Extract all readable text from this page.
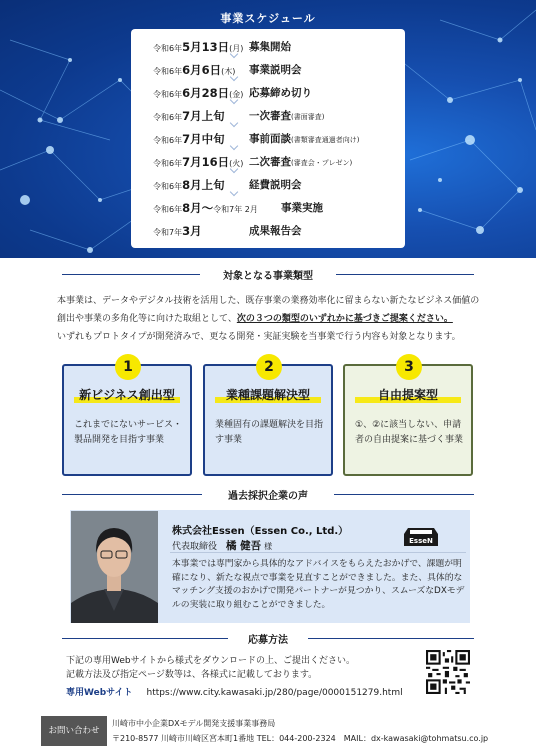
事業スケジュール
令和6年5月13日(月) 募集開始
令和6年6月6日(木) 事業説明会
令和6年6月28日(金) 応募締め切り
令和6年7月上旬 一次審査(書面審査)
令和6年7月中旬 事前面談(書類審査通過者向け)
令和6年7月16日(火) 二次審査(審査会・プレゼン)
令和6年8月上旬 経費説明会
令和6年8月〜令和7年 2月 事業実施
令和7年3月	成果報告会
対象となる事業類型
本事業は、データやデジタル技術を活用した、既存事業の業務効率化に留まらない新たなビジネス価値の創出や事業の多角化等に向けた取組として、次の３つの類型のいずれかに基づきご提案ください。
いずれもプロトタイプが開発済みで、更なる開発・実証実験を当事業で行う内容も対象となります。
1
新ビジネス創出型
これまでにないサービス・製品開発を目指す事業
2
業種課題解決型
業種固有の課題解決を目指す事業
3
自由提案型
①、②に該当しない、申請者の自由提案に基づく事業
過去採択企業の声
株式会社Essen（Essen Co., Ltd.）
代表取締役　 橘 健吾 様
EsseN
本事業では専門家から具体的なアドバイスをもらえたおかげで、課題が明確になり、新たな視点で事業を見直すことができました。また、具体的なマッチング支援のおかげで開発パートナーが見つかり、スムーズなDXモデルの実装に取り組むことができました。
応募方法
下記の専用Webサイトから様式をダウンロードの上、ご提出ください。
記載方法及び指定ページ数等は、各様式に記載しております。
専用Webサイト https://www.city.kawasaki.jp/280/page/0000151279.html
お問い合わせ
川崎市中小企業DXモデル開発支援事業事務局
〒210-8577 川崎市川崎区宮本町1番地 TEL：044-200-2324 MAIL：dx-kawasaki@tohmatsu.co.jp
